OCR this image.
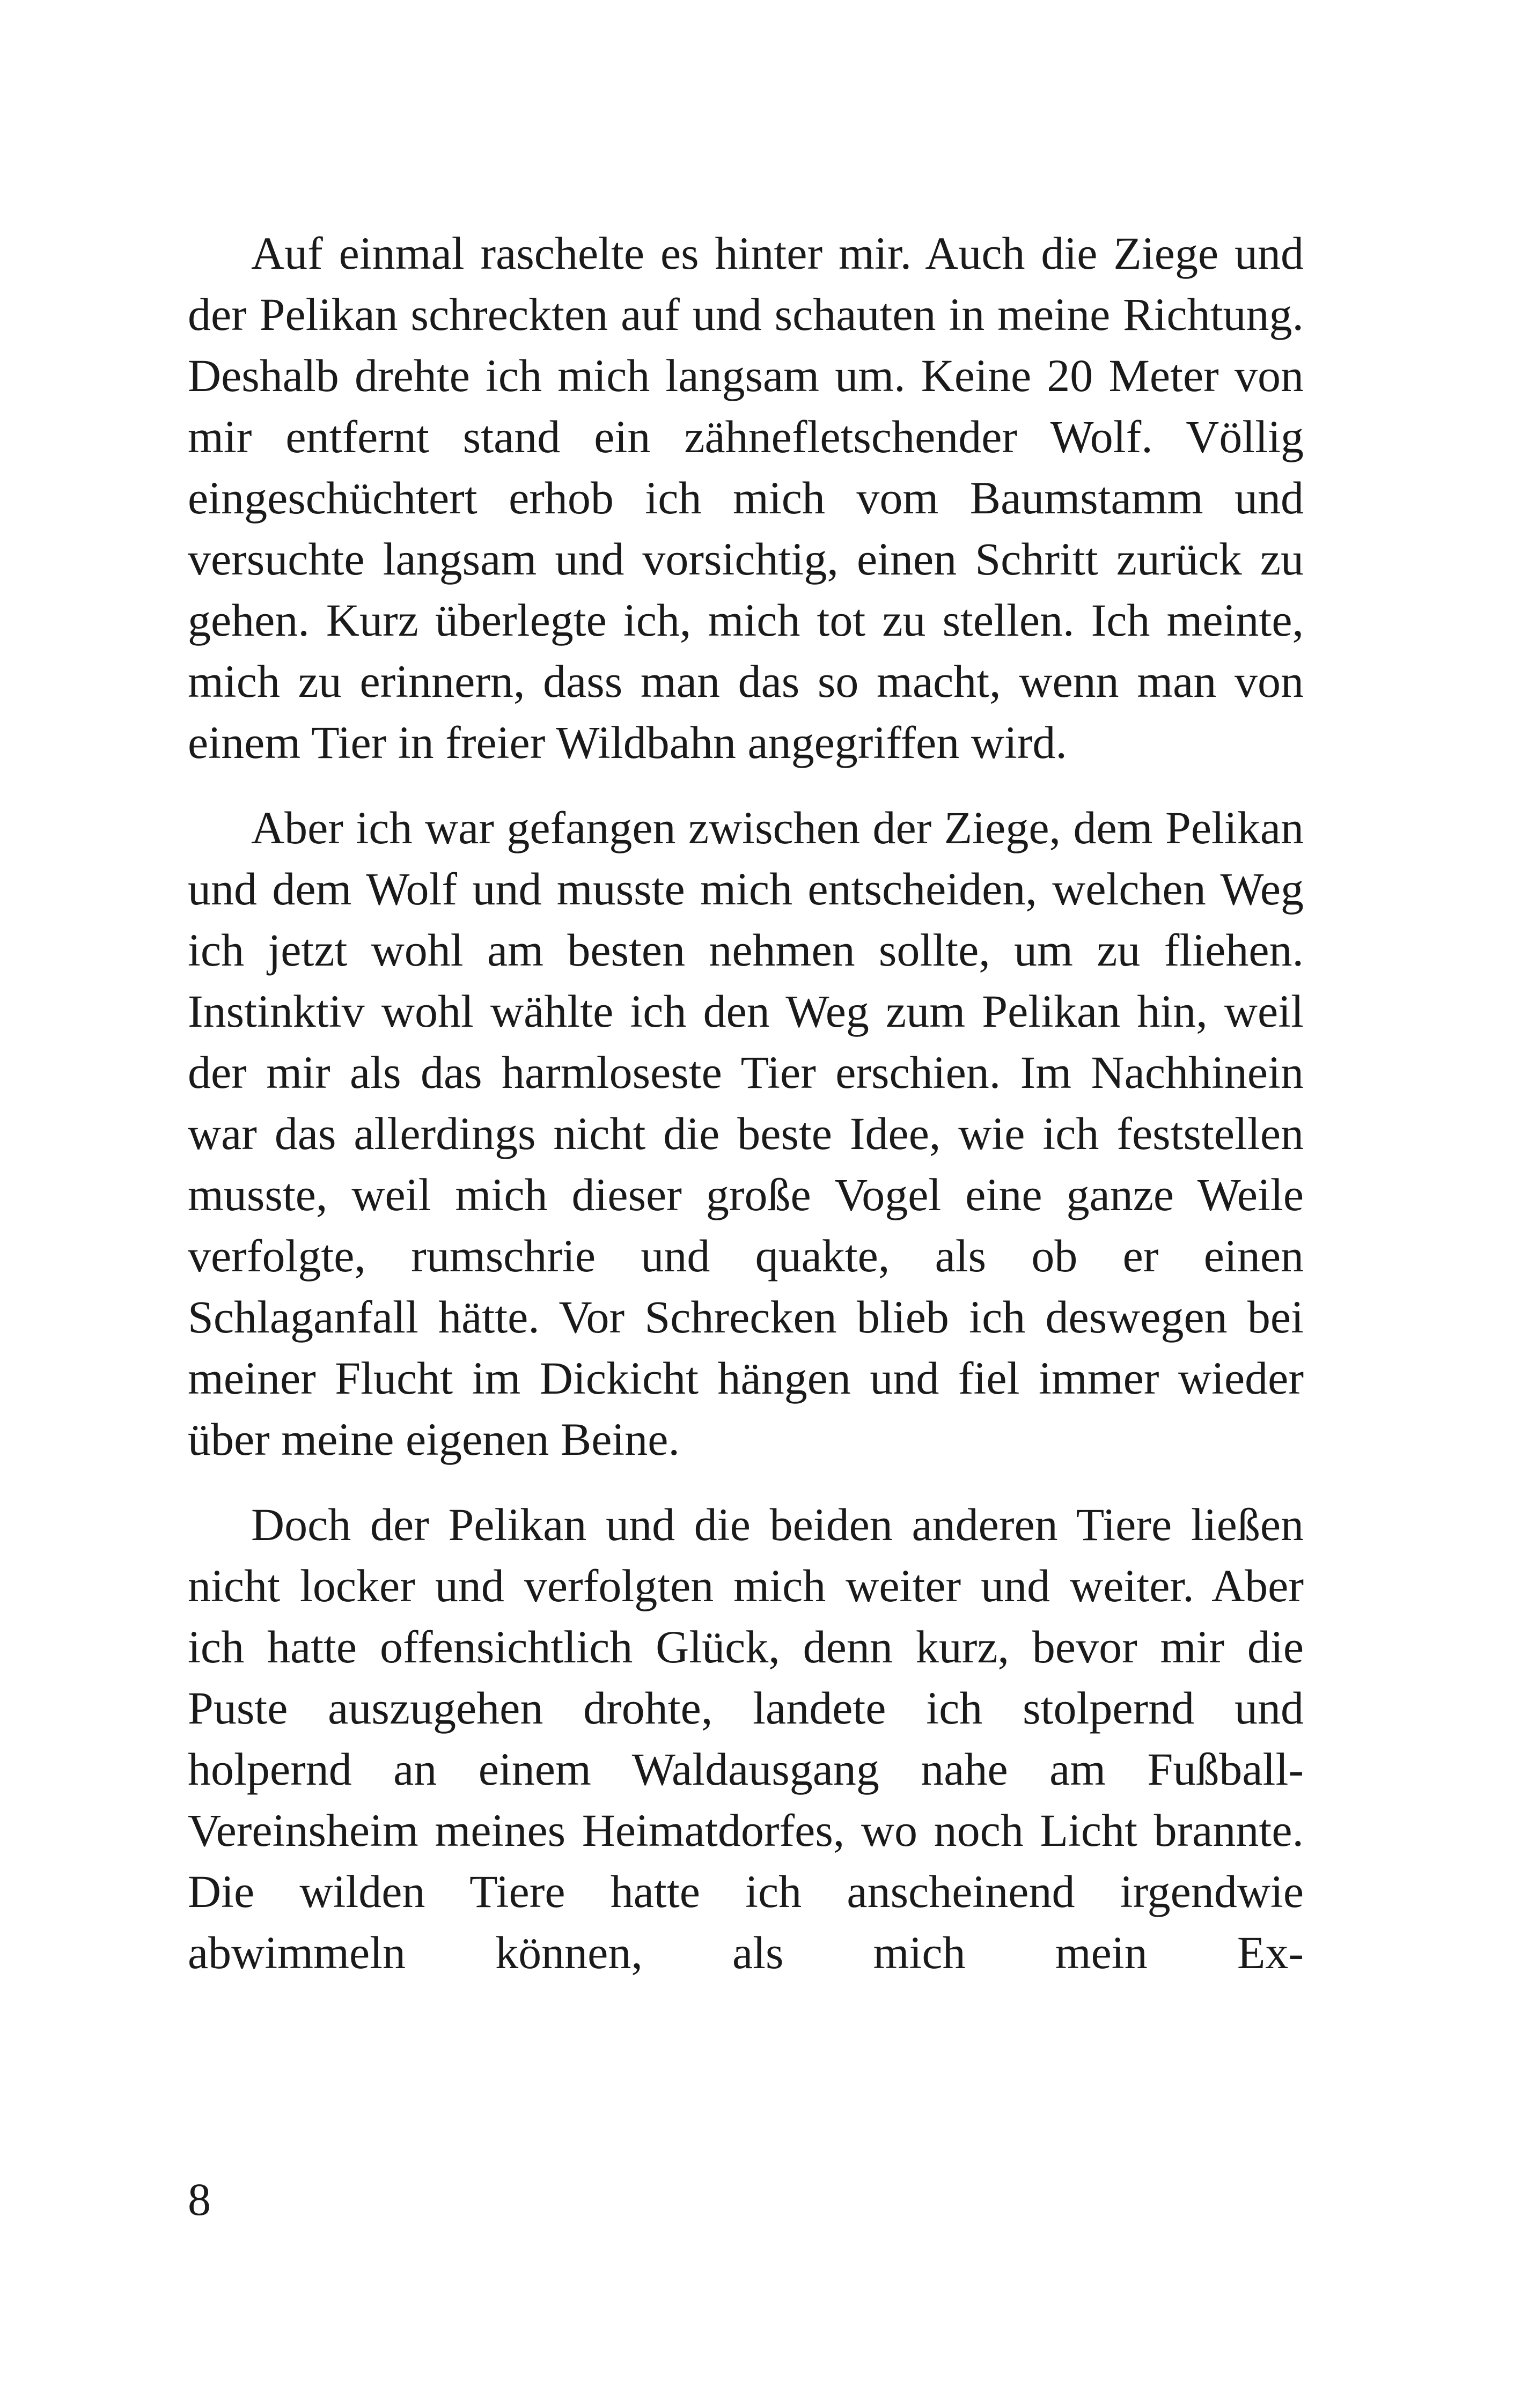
Auf einmal raschelte es hinter mir. Auch die Ziege und der Pelikan schreckten auf und schauten in meine Richtung. Deshalb drehte ich mich langsam um. Keine 20 Meter von mir entfernt stand ein zähnefletschender Wolf. Völlig eingeschüchtert erhob ich mich vom Baumstamm und versuchte langsam und vorsichtig, einen Schritt zurück zu gehen. Kurz überlegte ich, mich tot zu stellen. Ich meinte, mich zu erinnern, dass man das so macht, wenn man von einem Tier in freier Wildbahn angegriffen wird.

Aber ich war gefangen zwischen der Ziege, dem Pelikan und dem Wolf und musste mich entscheiden, welchen Weg ich jetzt wohl am besten nehmen sollte, um zu fliehen. Instinktiv wohl wählte ich den Weg zum Pelikan hin, weil der mir als das harmloseste Tier erschien. Im Nachhinein war das allerdings nicht die beste Idee, wie ich feststellen musste, weil mich dieser große Vogel eine ganze Weile verfolgte, rumschrie und quakte, als ob er einen Schlaganfall hätte. Vor Schrecken blieb ich deswegen bei meiner Flucht im Dickicht hängen und fiel immer wieder über meine eigenen Beine.

Doch der Pelikan und die beiden anderen Tiere ließen nicht locker und verfolgten mich weiter und weiter. Aber ich hatte offensichtlich Glück, denn kurz, bevor mir die Puste auszugehen drohte, landete ich stolpernd und holpernd an einem Waldausgang nahe am Fußball-Vereinsheim meines Heimatdorfes, wo noch Licht brannte. Die wilden Tiere hatte ich anscheinend irgendwie abwimmeln können, als mich mein Ex-

8
